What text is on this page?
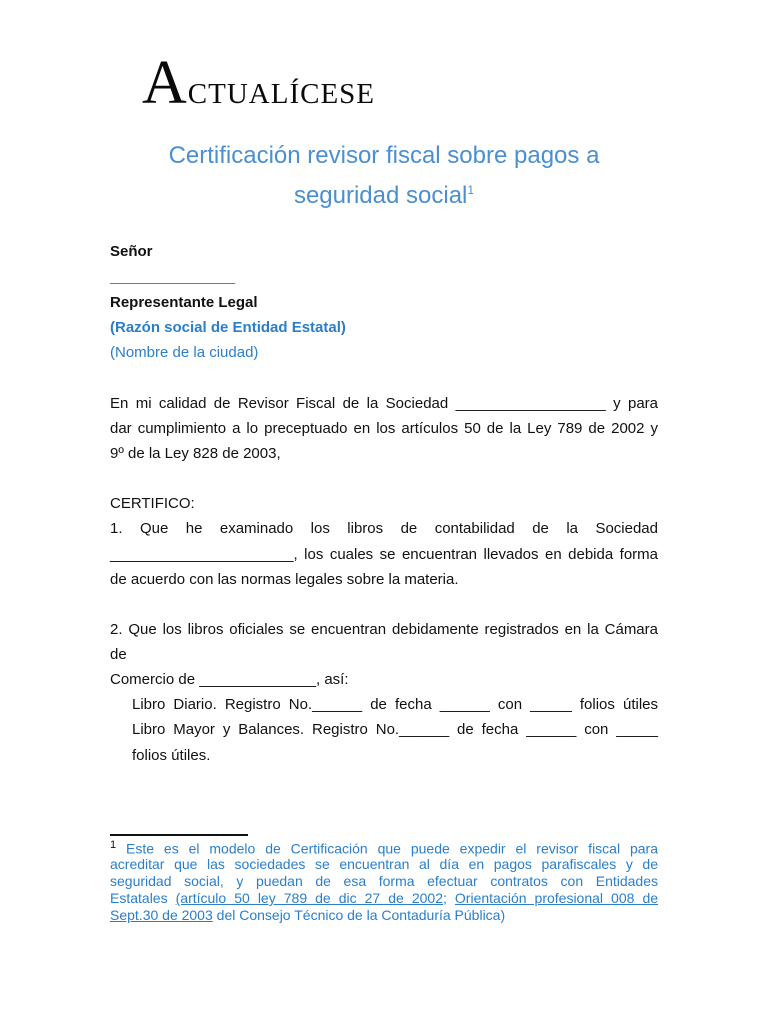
Actualícese
Certificación revisor fiscal sobre pagos a
seguridad social$^1$
Señor
_______________
Representante Legal
(Razón social de Entidad Estatal)
(Nombre de la ciudad)
En mi calidad de Revisor Fiscal de la Sociedad __________________ y para
dar cumplimiento a lo preceptuado en los artículos 50 de la Ley 789 de 2002 y
9º de la Ley 828 de 2003,
CERTIFICO:
1. Que he examinado los libros de contabilidad de la Sociedad
______________________, los cuales se encuentran llevados en debida forma
de acuerdo con las normas legales sobre la materia.
2. Que los libros oficiales se encuentran debidamente registrados en la Cámara
de
Comercio de ______________, así:
Libro Diario. Registro No.______ de fecha ______ con _____ folios útiles
Libro Mayor y Balances. Registro No.______ de fecha ______ con _____
folios útiles.
$^1$ Este es el modelo de Certificación que puede expedir el revisor fiscal para
acreditar que las sociedades se encuentran al día en pagos parafiscales y de
seguridad social, y puedan de esa forma efectuar contratos con Entidades
Estatales (artículo 50 ley 789 de dic 27 de 2002; Orientación profesional 008 de
Sept.30 de 2003 del Consejo Técnico de la Contaduría Pública)
